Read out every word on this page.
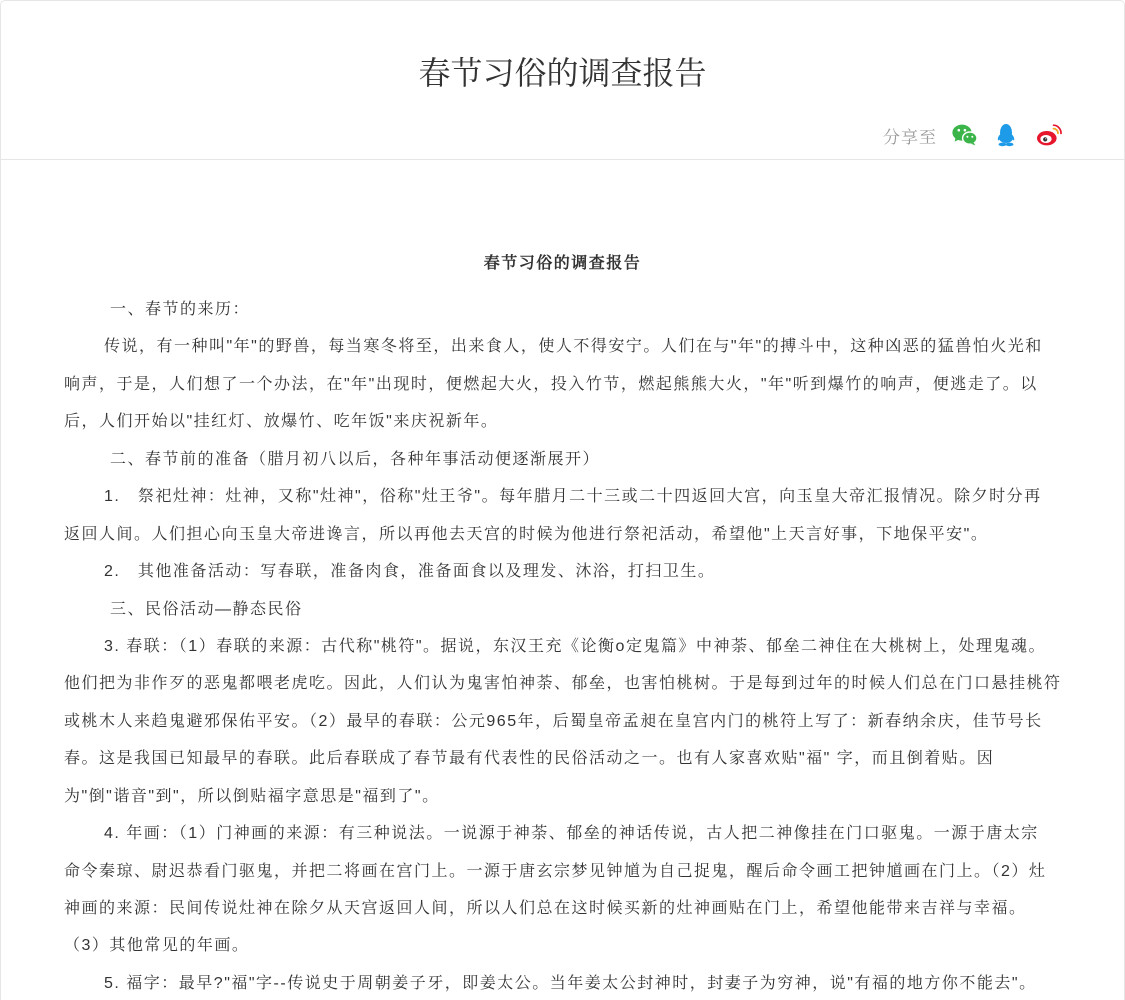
春节习俗的调查报告
分享至
春节习俗的调查报告
一、春节的来历：
传说，有一种叫"年"的野兽，每当寒冬将至，出来食人，使人不得安宁。人们在与"年"的搏斗中，这种凶恶的猛兽怕火光和
响声，于是，人们想了一个办法，在"年"出现时，便燃起大火，投入竹节，燃起熊熊大火，"年"听到爆竹的响声，便逃走了。以
后，人们开始以"挂红灯、放爆竹、吃年饭"来庆祝新年。
二、春节前的准备（腊月初八以后，各种年事活动便逐渐展开）
1.　祭祀灶神：灶神，又称"灶神"，俗称"灶王爷"。每年腊月二十三或二十四返回大宫，向玉皇大帝汇报情况。除夕时分再
返回人间。人们担心向玉皇大帝进谗言，所以再他去天宫的时候为他进行祭祀活动，希望他"上天言好事，下地保平安"。
2.　其他准备活动：写春联，准备肉食，准备面食以及理发、沐浴，打扫卫生。
三、民俗活动—静态民俗
3. 春联：（1）春联的来源：古代称"桃符"。据说，东汉王充《论衡o定鬼篇》中神荼、郁垒二神住在大桃树上，处理鬼魂。
他们把为非作歹的恶鬼都喂老虎吃。因此，人们认为鬼害怕神荼、郁垒，也害怕桃树。于是每到过年的时候人们总在门口悬挂桃符
或桃木人来趋鬼避邪保佑平安。（2）最早的春联：公元965年，后蜀皇帝孟昶在皇宫内门的桃符上写了：新春纳余庆，佳节号长
春。这是我国已知最早的春联。此后春联成了春节最有代表性的民俗活动之一。也有人家喜欢贴"福" 字，而且倒着贴。因
为"倒"谐音"到"，所以倒贴福字意思是"福到了"。
4. 年画：（1）门神画的来源：有三种说法。一说源于神荼、郁垒的神话传说，古人把二神像挂在门口驱鬼。一源于唐太宗
命令秦琼、尉迟恭看门驱鬼，并把二将画在宫门上。一源于唐玄宗梦见钟馗为自己捉鬼，醒后命令画工把钟馗画在门上。（2）灶
神画的来源：民间传说灶神在除夕从天宫返回人间，所以人们总在这时候买新的灶神画贴在门上，希望他能带来吉祥与幸福。
（3）其他常见的年画。
5. 福字：最早?"福"字--传说史于周朝姜子牙，即姜太公。当年姜太公封神时，封妻子为穷神，说"有福的地方你不能去"。
